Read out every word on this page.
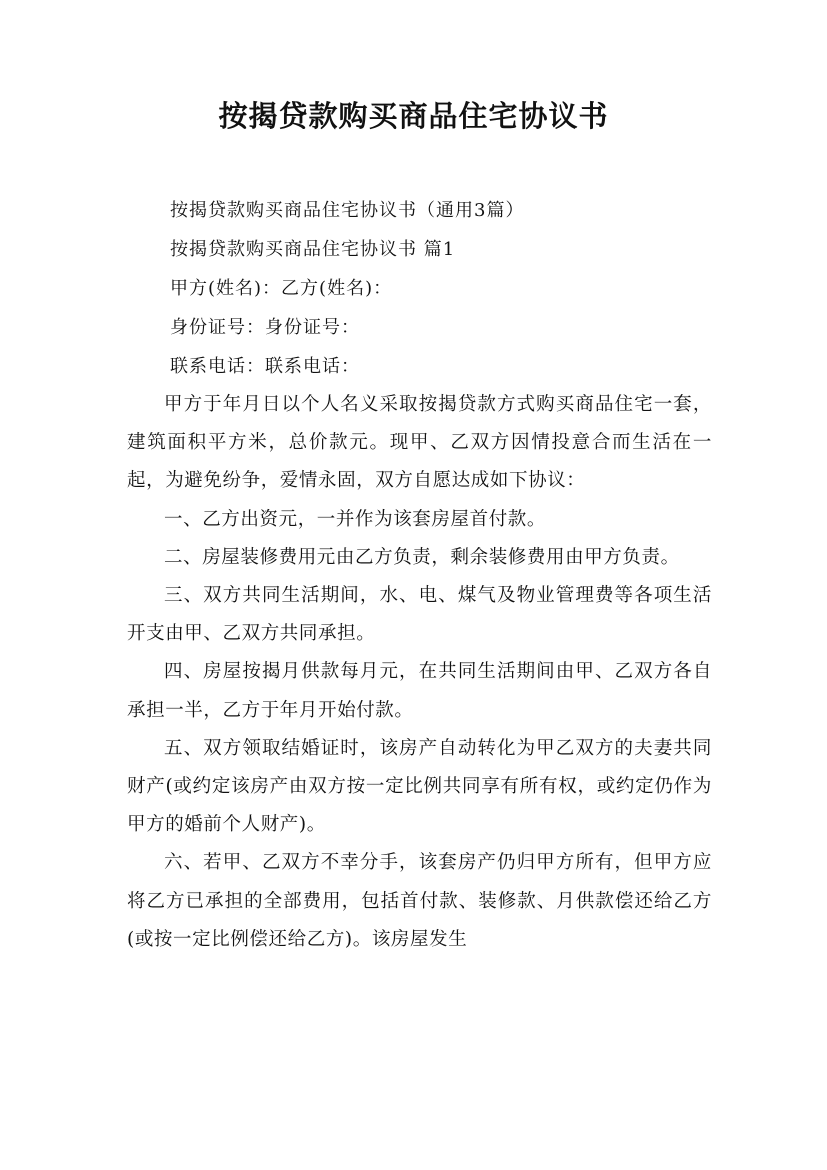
按揭贷款购买商品住宅协议书
按揭贷款购买商品住宅协议书（通用3篇）
按揭贷款购买商品住宅协议书 篇1
甲方(姓名)：乙方(姓名)：
身份证号：身份证号：
联系电话：联系电话：

甲方于年月日以个人名义采取按揭贷款方式购买商品住宅一套，建筑面积平方米，总价款元。现甲、乙双方因情投意合而生活在一起，为避免纷争，爱情永固，双方自愿达成如下协议：

一、乙方出资元，一并作为该套房屋首付款。

二、房屋装修费用元由乙方负责，剩余装修费用由甲方负责。

三、双方共同生活期间，水、电、煤气及物业管理费等各项生活开支由甲、乙双方共同承担。

四、房屋按揭月供款每月元，在共同生活期间由甲、乙双方各自承担一半，乙方于年月开始付款。

五、双方领取结婚证时，该房产自动转化为甲乙双方的夫妻共同财产(或约定该房产由双方按一定比例共同享有所有权，或约定仍作为甲方的婚前个人财产)。

六、若甲、乙双方不幸分手，该套房产仍归甲方所有，但甲方应将乙方已承担的全部费用，包括首付款、装修款、月供款偿还给乙方(或按一定比例偿还给乙方)。该房屋发生
